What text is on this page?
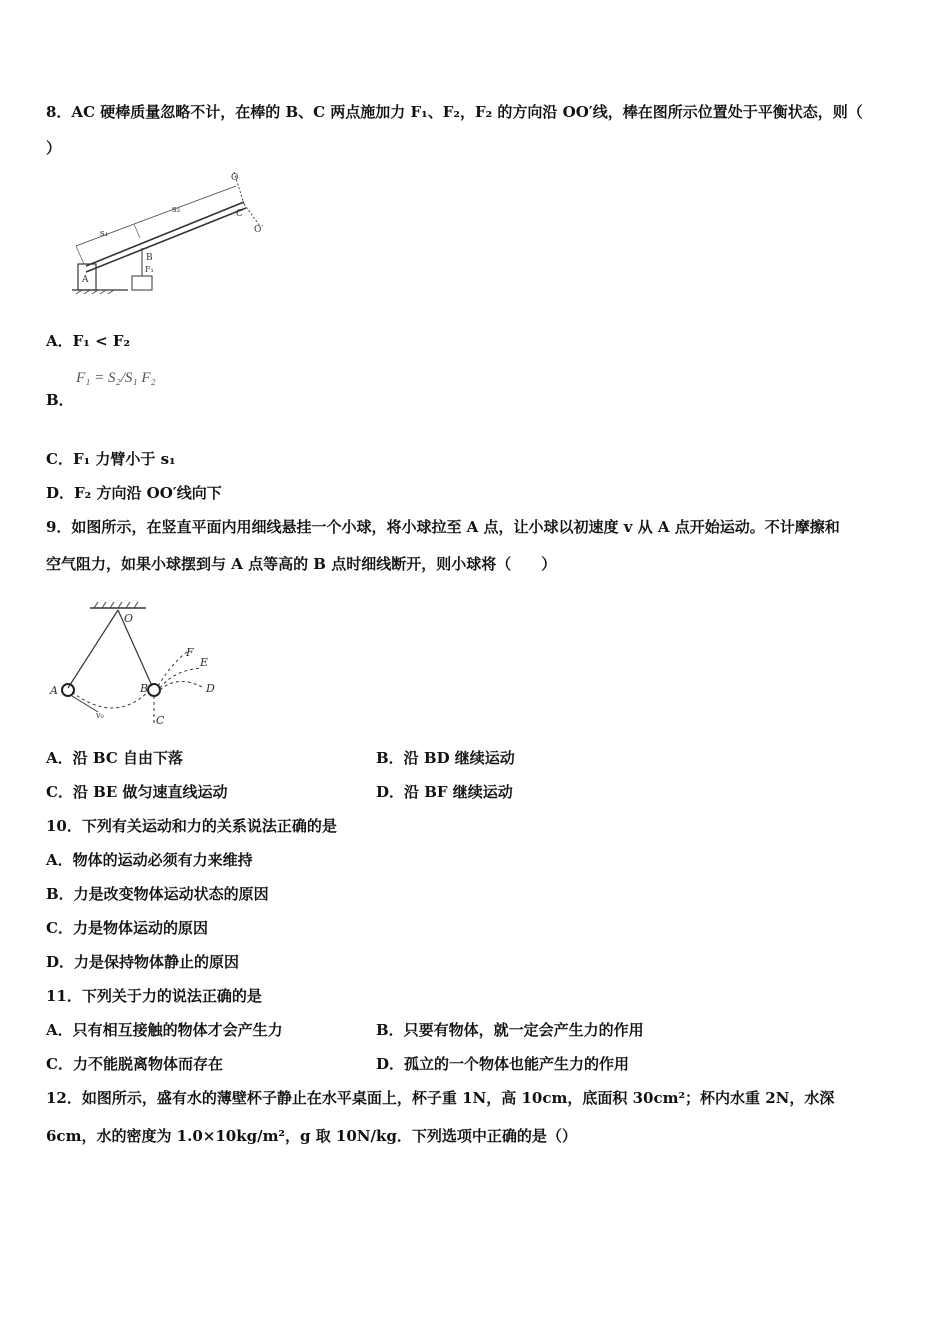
8．AC 硬棒质量忽略不计，在棒的 B、C 两点施加力 F₁、F₂，F₂ 的方向沿 OO′线，棒在图所示位置处于平衡状态，则（
）
O
C
O′
s₁
s₂
B
A
F₁
A．F₁ < F₂
B．
F₁ = S₂/S₁ F₂
C．F₁ 力臂小于 s₁
D．F₂ 方向沿 OO′线向下
9．如图所示，在竖直平面内用细线悬挂一个小球，将小球拉至 A 点，让小球以初速度 v 从 A 点开始运动。不计摩擦和
空气阻力，如果小球摆到与 A 点等高的 B 点时细线断开，则小球将（　　）
O
A	B
C
D
E
F
v₀
A．沿 BC 自由下落	B．沿 BD 继续运动
C．沿 BE 做匀速直线运动	D．沿 BF 继续运动
10．下列有关运动和力的关系说法正确的是
A．物体的运动必须有力来维持
B．力是改变物体运动状态的原因
C．力是物体运动的原因
D．力是保持物体静止的原因
11．下列关于力的说法正确的是
A．只有相互接触的物体才会产生力	B．只要有物体，就一定会产生力的作用
C．力不能脱离物体而存在	D．孤立的一个物体也能产生力的作用
12．如图所示，盛有水的薄壁杯子静止在水平桌面上，杯子重 1N，高 10cm，底面积 30cm²；杯内水重 2N，水深
6cm，水的密度为 1.0×10kg/m²，g 取 10N/kg．下列选项中正确的是（）
